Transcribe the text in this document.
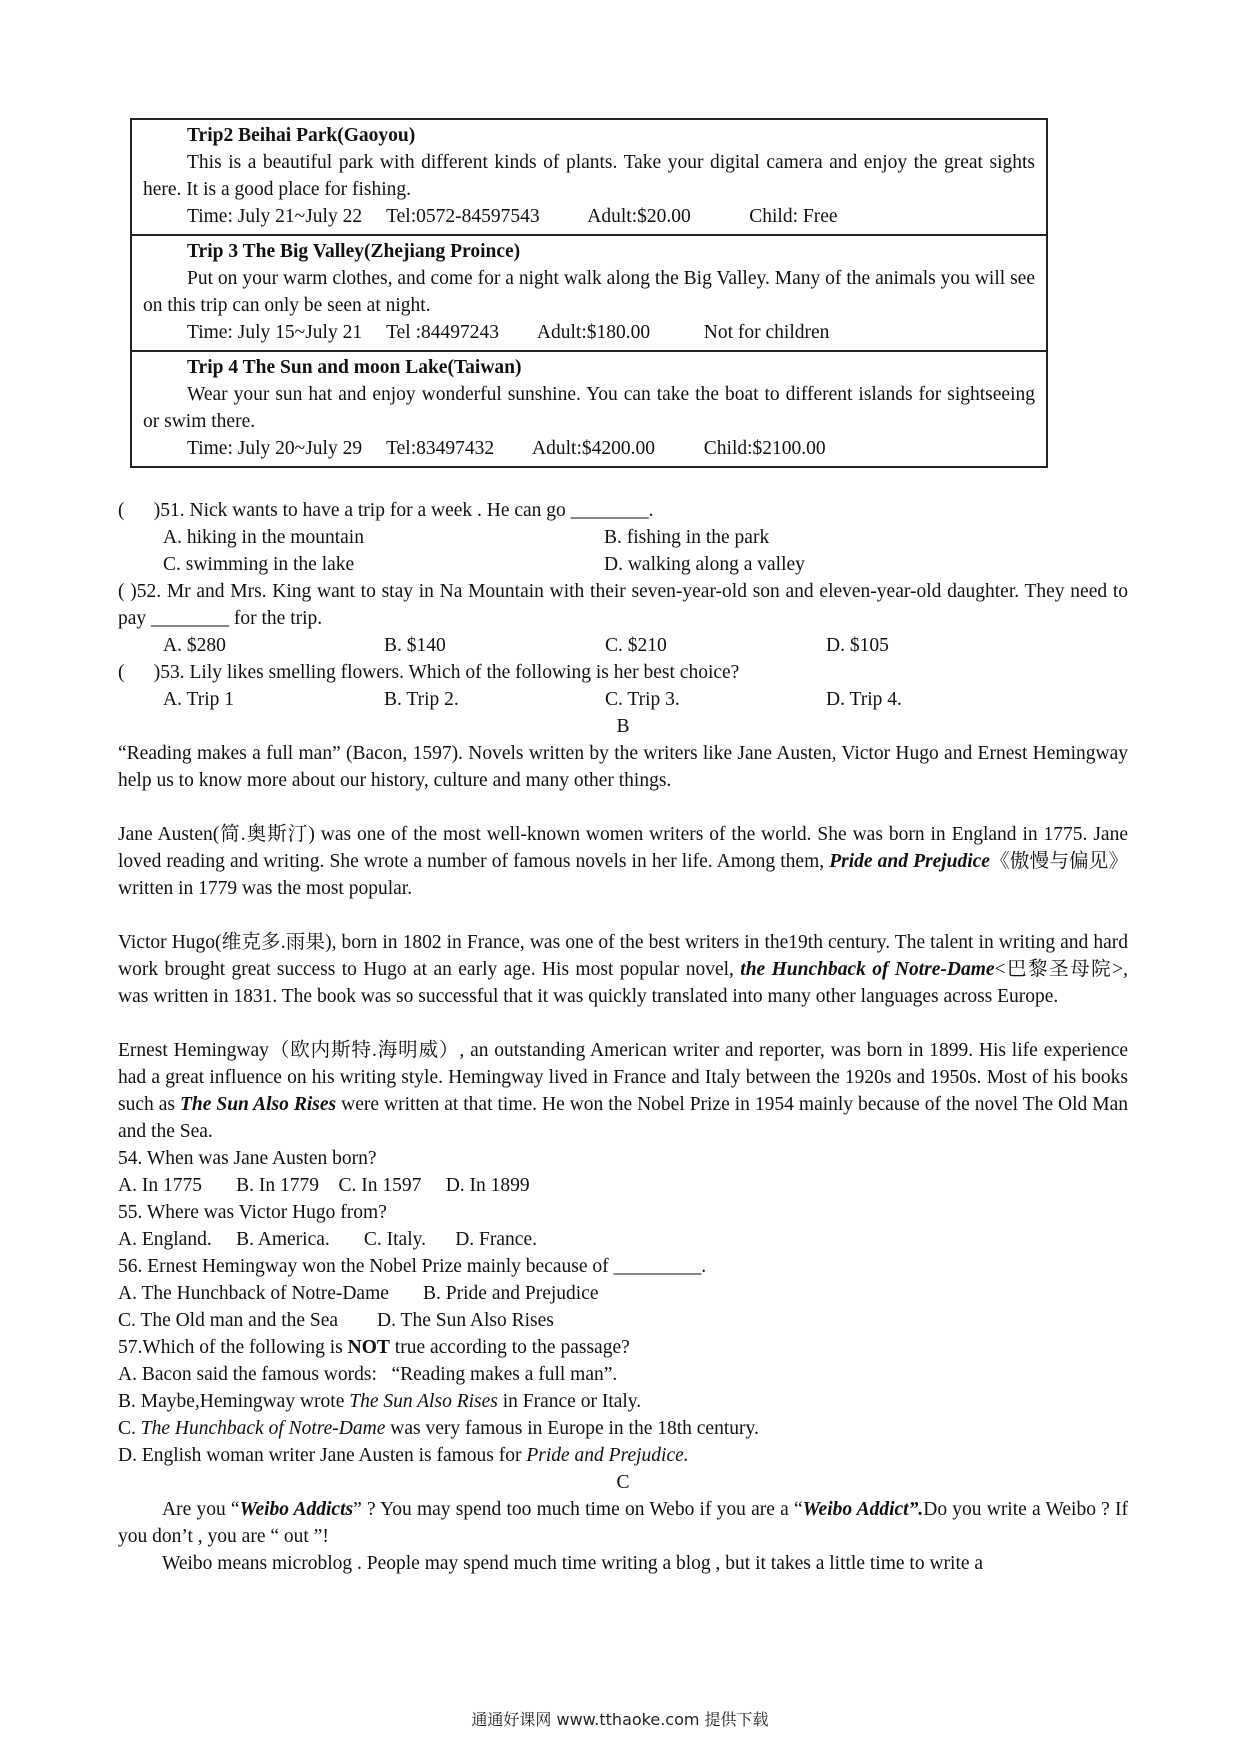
Trip2 Beihai Park(Gaoyou)
This is a beautiful park with different kinds of plants. Take your digital camera and enjoy the great sights here. It is a good place for fishing.
Time: July 21~July 22     Tel:0572-84597543          Adult:$20.00            Child: Free
Trip 3 The Big Valley(Zhejiang Proince)
Put on your warm clothes, and come for a night walk along the Big Valley. Many of the animals you will see on this trip can only be seen at night.
Time: July 15~July 21     Tel :84497243        Adult:$180.00           Not for children
Trip 4 The Sun and moon Lake(Taiwan)
Wear your sun hat and enjoy wonderful sunshine. You can take the boat to different islands for sightseeing or swim there.
Time: July 20~July 29     Tel:83497432        Adult:$4200.00          Child:$2100.00
(      )51. Nick wants to have a trip for a week . He can go ________.
A. hiking in the mountain	B. fishing in the park
C. swimming in the lake	D. walking along a valley
( )52. Mr and Mrs. King want to stay in Na Mountain with their seven-year-old son and eleven-year-old daughter. They need to pay ________ for the trip.
A. $280	B. $140	C. $210	D. $105
(      )53. Lily likes smelling flowers. Which of the following is her best choice?
A. Trip 1	B. Trip 2.	C. Trip 3.	D. Trip 4.
B
“Reading makes a full man” (Bacon, 1597). Novels written by the writers like Jane Austen, Victor Hugo and Ernest Hemingway help us to know more about our history, culture and many other things.
Jane Austen(简.奥斯汀) was one of the most well-known women writers of the world. She was born in England in 1775. Jane loved reading and writing. She wrote a number of famous novels in her life. Among them, Pride and Prejudice《傲慢与偏见》 written in 1779 was the most popular.
Victor Hugo(维克多.雨果), born in 1802 in France, was one of the best writers in the19th century. The talent in writing and hard work brought great success to Hugo at an early age. His most popular novel, the Hunchback of Notre-Dame<巴黎圣母院>, was written in 1831. The book was so successful that it was quickly translated into many other languages across Europe.
Ernest Hemingway（欧内斯特.海明威）, an outstanding American writer and reporter, was born in 1899. His life experience had a great influence on his writing style. Hemingway lived in France and Italy between the 1920s and 1950s. Most of his books such as The Sun Also Rises were written at that time. He won the Nobel Prize in 1954 mainly because of the novel The Old Man and the Sea.
54. When was Jane Austen born?
A. In 1775       B. In 1779    C. In 1597     D. In 1899
55. Where was Victor Hugo from?
A. England.     B. America.       C. Italy.      D. France.
56. Ernest Hemingway won the Nobel Prize mainly because of _________.
A. The Hunchback of Notre-Dame       B. Pride and Prejudice
C. The Old man and the Sea        D. The Sun Also Rises
57.Which of the following is NOT true according to the passage?
A. Bacon said the famous words:   “Reading makes a full man”.
B. Maybe,Hemingway wrote The Sun Also Rises in France or Italy.
C. The Hunchback of Notre-Dame was very famous in Europe in the 18th century.
D. English woman writer Jane Austen is famous for Pride and Prejudice.
C
Are you “Weibo Addicts” ? You may spend too much time on Webo if you are a “Weibo Addict”.Do you write a Weibo ? If you don’t , you are “ out ”!
Weibo means microblog . People may spend much time writing a blog , but it takes a little time to write a
通通好课网 www.tthaoke.com 提供下载
